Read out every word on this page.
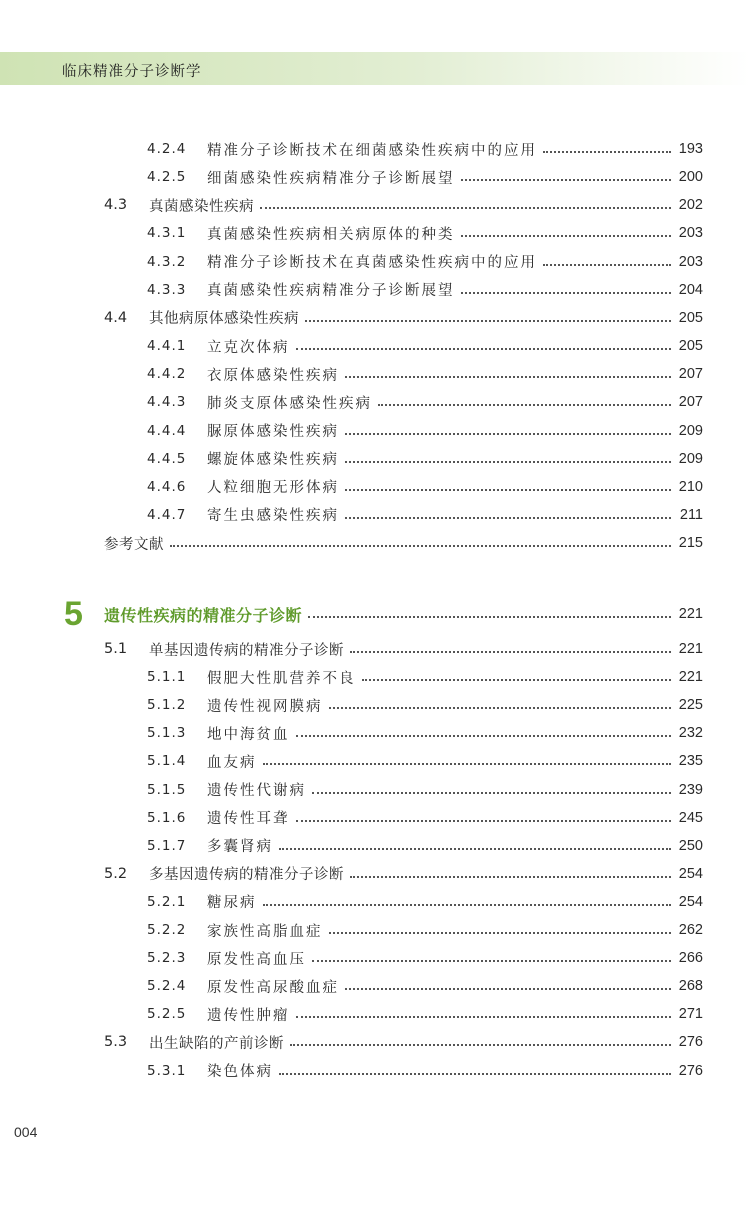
临床精准分子诊断学
4.2.4	精准分子诊断技术在细菌感染性疾病中的应用	193
4.2.5	细菌感染性疾病精准分子诊断展望	200
4.3	真菌感染性疾病	202
4.3.1	真菌感染性疾病相关病原体的种类	203
4.3.2	精准分子诊断技术在真菌感染性疾病中的应用	203
4.3.3	真菌感染性疾病精准分子诊断展望	204
4.4	其他病原体感染性疾病	205
4.4.1	立克次体病	205
4.4.2	衣原体感染性疾病	207
4.4.3	肺炎支原体感染性疾病	207
4.4.4	脲原体感染性疾病	209
4.4.5	螺旋体感染性疾病	209
4.4.6	人粒细胞无形体病	210
4.4.7	寄生虫感染性疾病	211
参考文献	215
5	遗传性疾病的精准分子诊断	221
5.1	单基因遗传病的精准分子诊断	221
5.1.1	假肥大性肌营养不良	221
5.1.2	遗传性视网膜病	225
5.1.3	地中海贫血	232
5.1.4	血友病	235
5.1.5	遗传性代谢病	239
5.1.6	遗传性耳聋	245
5.1.7	多囊肾病	250
5.2	多基因遗传病的精准分子诊断	254
5.2.1	糖尿病	254
5.2.2	家族性高脂血症	262
5.2.3	原发性高血压	266
5.2.4	原发性高尿酸血症	268
5.2.5	遗传性肿瘤	271
5.3	出生缺陷的产前诊断	276
5.3.1	染色体病	276
004
